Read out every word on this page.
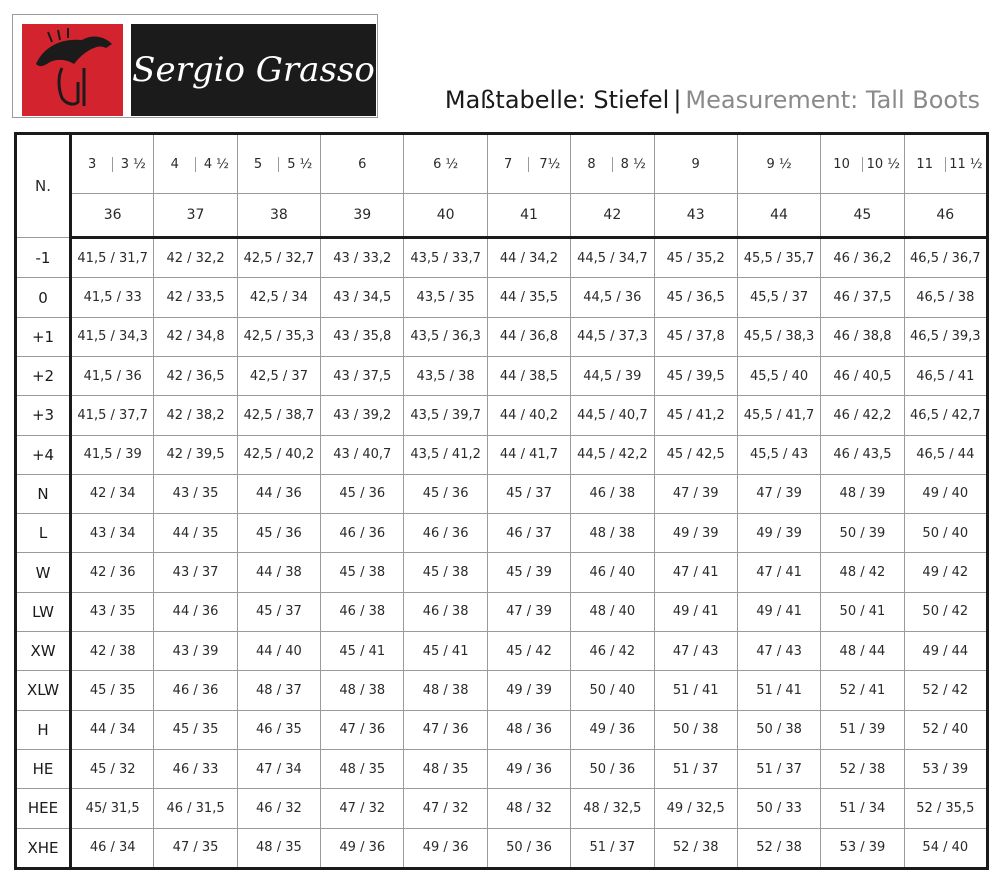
Sergio Grasso
Maßtabelle: Stiefel | Measurement: Tall Boots
N.	3 3 ½	4 4 ½	5 5 ½	6	6 ½	7 7½	8 8 ½	9	9 ½	10 10 ½	11 11 ½

	36	37	38	39	40	41	42	43	44	45	46
-1	41,5 / 31,7	42 / 32,2	42,5 / 32,7	43 / 33,2	43,5 / 33,7	44 / 34,2	44,5 / 34,7	45 / 35,2	45,5 / 35,7	46 / 36,2	46,5 / 36,7
0	41,5 / 33	42 / 33,5	42,5 / 34	43 / 34,5	43,5 / 35	44 / 35,5	44,5 / 36	45 / 36,5	45,5 / 37	46 / 37,5	46,5 / 38
+1	41,5 / 34,3	42 / 34,8	42,5 / 35,3	43 / 35,8	43,5 / 36,3	44 / 36,8	44,5 / 37,3	45 / 37,8	45,5 / 38,3	46 / 38,8	46,5 / 39,3
+2	41,5 / 36	42 / 36,5	42,5 / 37	43 / 37,5	43,5 / 38	44 / 38,5	44,5 / 39	45 / 39,5	45,5 / 40	46 / 40,5	46,5 / 41
+3	41,5 / 37,7	42 / 38,2	42,5 / 38,7	43 / 39,2	43,5 / 39,7	44 / 40,2	44,5 / 40,7	45 / 41,2	45,5 / 41,7	46 / 42,2	46,5 / 42,7
+4	41,5 / 39	42 / 39,5	42,5 / 40,2	43 / 40,7	43,5 / 41,2	44 / 41,7	44,5 / 42,2	45 / 42,5	45,5 / 43	46 / 43,5	46,5 / 44
N	42 / 34	43 / 35	44 / 36	45 / 36	45 / 36	45 / 37	46 / 38	47 / 39	47 / 39	48 / 39	49 / 40
L	43 / 34	44 / 35	45 / 36	46 / 36	46 / 36	46 / 37	48 / 38	49 / 39	49 / 39	50 / 39	50 / 40
W	42 / 36	43 / 37	44 / 38	45 / 38	45 / 38	45 / 39	46 / 40	47 / 41	47 / 41	48 / 42	49 / 42
LW	43 / 35	44 / 36	45 / 37	46 / 38	46 / 38	47 / 39	48 / 40	49 / 41	49 / 41	50 / 41	50 / 42
XW	42 / 38	43 / 39	44 / 40	45 / 41	45 / 41	45 / 42	46 / 42	47 / 43	47 / 43	48 / 44	49 / 44
XLW	45 / 35	46 / 36	48 / 37	48 / 38	48 / 38	49 / 39	50 / 40	51 / 41	51 / 41	52 / 41	52 / 42
H	44 / 34	45 / 35	46 / 35	47 / 36	47 / 36	48 / 36	49 / 36	50 / 38	50 / 38	51 / 39	52 / 40
HE	45 / 32	46 / 33	47 / 34	48 / 35	48 / 35	49 / 36	50 / 36	51 / 37	51 / 37	52 / 38	53 / 39
HEE	45/ 31,5	46 / 31,5	46 / 32	47 / 32	47 / 32	48 / 32	48 / 32,5	49 / 32,5	50 / 33	51 / 34	52 / 35,5
XHE	46 / 34	47 / 35	48 / 35	49 / 36	49 / 36	50 / 36	51 / 37	52 / 38	52 / 38	53 / 39	54 / 40
